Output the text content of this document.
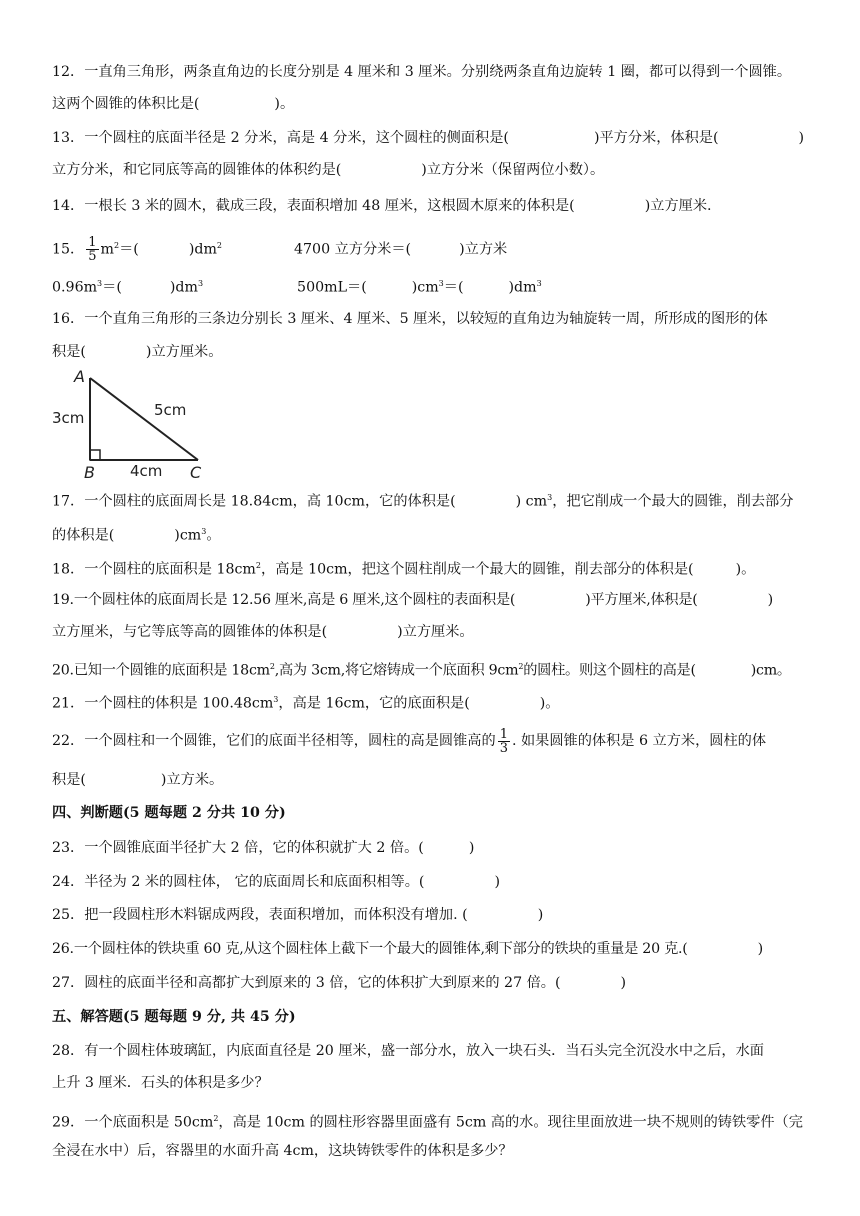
12．一直角三角形，两条直角边的长度分别是 4 厘米和 3 厘米。分别绕两条直角边旋转 1 圈，都可以得到一个圆锥。
这两个圆锥的体积比是(	)。
13．一个圆柱的底面半径是 2 分米，高是 4 分米，这个圆柱的侧面积是(	)平方分米，体积是(	)
立方分米，和它同底等高的圆锥体的体积约是(	)立方分米（保留两位小数）。
14．一根长 3 米的圆木，截成三段，表面积增加 48 厘米，这根圆木原来的体积是(	)立方厘米.
15． $\frac{1}{5} m^2=$(	)$dm^2$	4700 立方分米＝(	)立方米
$0.96m^3=$(	)$dm^3$	500mL＝(	)$cm^3=$(	)$dm^3$
16．一个直角三角形的三条边分别长 3 厘米、4 厘米、5 厘米，以较短的直角边为轴旋转一周，所形成的图形的体
积是(	)立方厘米。
A
B	C
3cm
4cm
5cm
17．一个圆柱的底面周长是 18.84cm，高 10cm，它的体积是(	) $cm^3$，把它削成一个最大的圆锥，削去部分
的体积是(	)$cm^3$。
18．一个圆柱的底面积是 $18cm^2$，高是 10cm，把这个圆柱削成一个最大的圆锥，削去部分的体积是(	)。
19.一个圆柱体的底面周长是 12.56 厘米,高是 6 厘米,这个圆柱的表面积是(	)平方厘米,体积是(	)
立方厘米，与它等底等高的圆锥体的体积是(	)立方厘米。
20.已知一个圆锥的底面积是 $18cm^2$,高为 3cm,将它熔铸成一个底面积 $9cm^2$的圆柱。则这个圆柱的高是(	)cm。
21．一个圆柱的体积是 $100.48cm^3$，高是 16cm，它的底面积是(	)。
22．一个圆柱和一个圆锥，它们的底面半径相等，圆柱的高是圆锥高的 $\frac{1}{3}$ . 如果圆锥的体积是 6 立方米，圆柱的体
积是(	)立方米。
四、判断题(5 题每题 2 分共 10 分)
23．一个圆锥底面半径扩大 2 倍，它的体积就扩大 2 倍。(	)
24．半径为 2 米的圆柱体， 它的底面周长和底面积相等。(	)
25．把一段圆柱形木料锯成两段，表面积增加，而体积没有增加. (	)
26.一个圆柱体的铁块重 60 克,从这个圆柱体上截下一个最大的圆锥体,剩下部分的铁块的重量是 20 克.(	)
27．圆柱的底面半径和高都扩大到原来的 3 倍，它的体积扩大到原来的 27 倍。(	)
五、解答题(5 题每题 9 分, 共 45 分)
28．有一个圆柱体玻璃缸，内底面直径是 20 厘米，盛一部分水，放入一块石头．当石头完全沉没水中之后，水面
上升 3 厘米．石头的体积是多少？
29．一个底面积是 $50cm^2$，高是 10cm 的圆柱形容器里面盛有 5cm 高的水。现往里面放进一块不规则的铸铁零件（完
全浸在水中）后，容器里的水面升高 4cm，这块铸铁零件的体积是多少？
